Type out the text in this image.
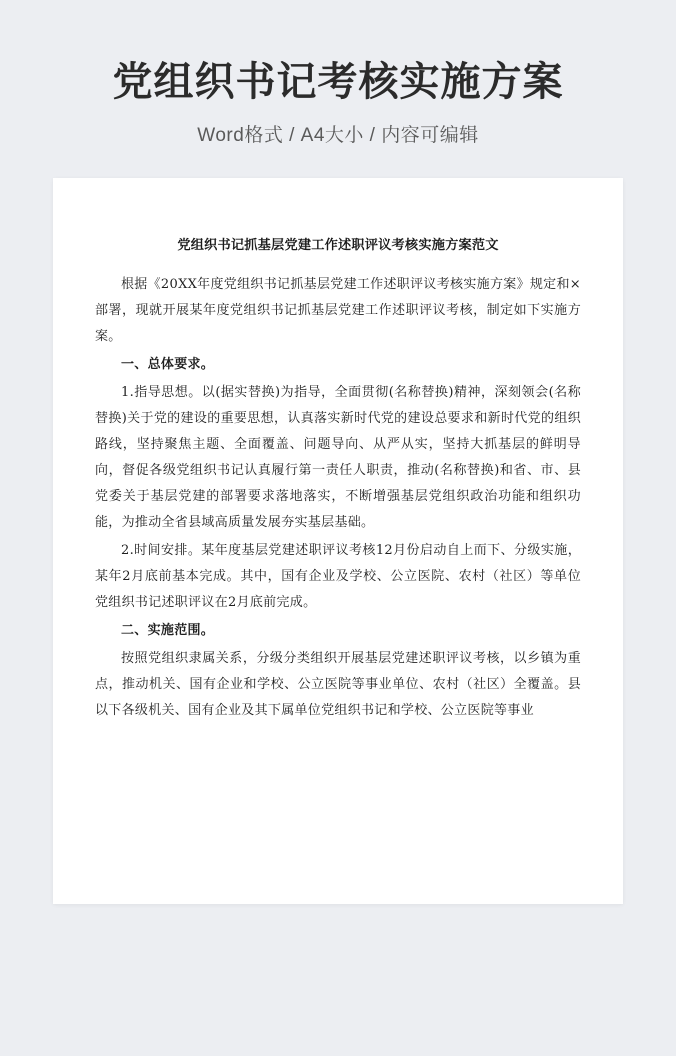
党组织书记考核实施方案
Word格式 / A4大小 / 内容可编辑
党组织书记抓基层党建工作述职评议考核实施方案范文

根据《20XX年度党组织书记抓基层党建工作述职评议考核实施方案》规定和×部署，现就开展某年度党组织书记抓基层党建工作述职评议考核，制定如下实施方案。

一、总体要求。

1.指导思想。以(据实替换)为指导，全面贯彻(名称替换)精神，深刻领会(名称替换)关于党的建设的重要思想，认真落实新时代党的建设总要求和新时代党的组织路线，坚持聚焦主题、全面覆盖、问题导向、从严从实，坚持大抓基层的鲜明导向，督促各级党组织书记认真履行第一责任人职责，推动(名称替换)和省、市、县党委关于基层党建的部署要求落地落实，不断增强基层党组织政治功能和组织功能，为推动全省县域高质量发展夯实基层基础。

2.时间安排。某年度基层党建述职评议考核12月份启动自上而下、分级实施，某年2月底前基本完成。其中，国有企业及学校、公立医院、农村（社区）等单位党组织书记述职评议在2月底前完成。

二、实施范围。

按照党组织隶属关系，分级分类组织开展基层党建述职评议考核，以乡镇为重点，推动机关、国有企业和学校、公立医院等事业单位、农村（社区）全覆盖。县以下各级机关、国有企业及其下属单位党组织书记和学校、公立医院等事业
